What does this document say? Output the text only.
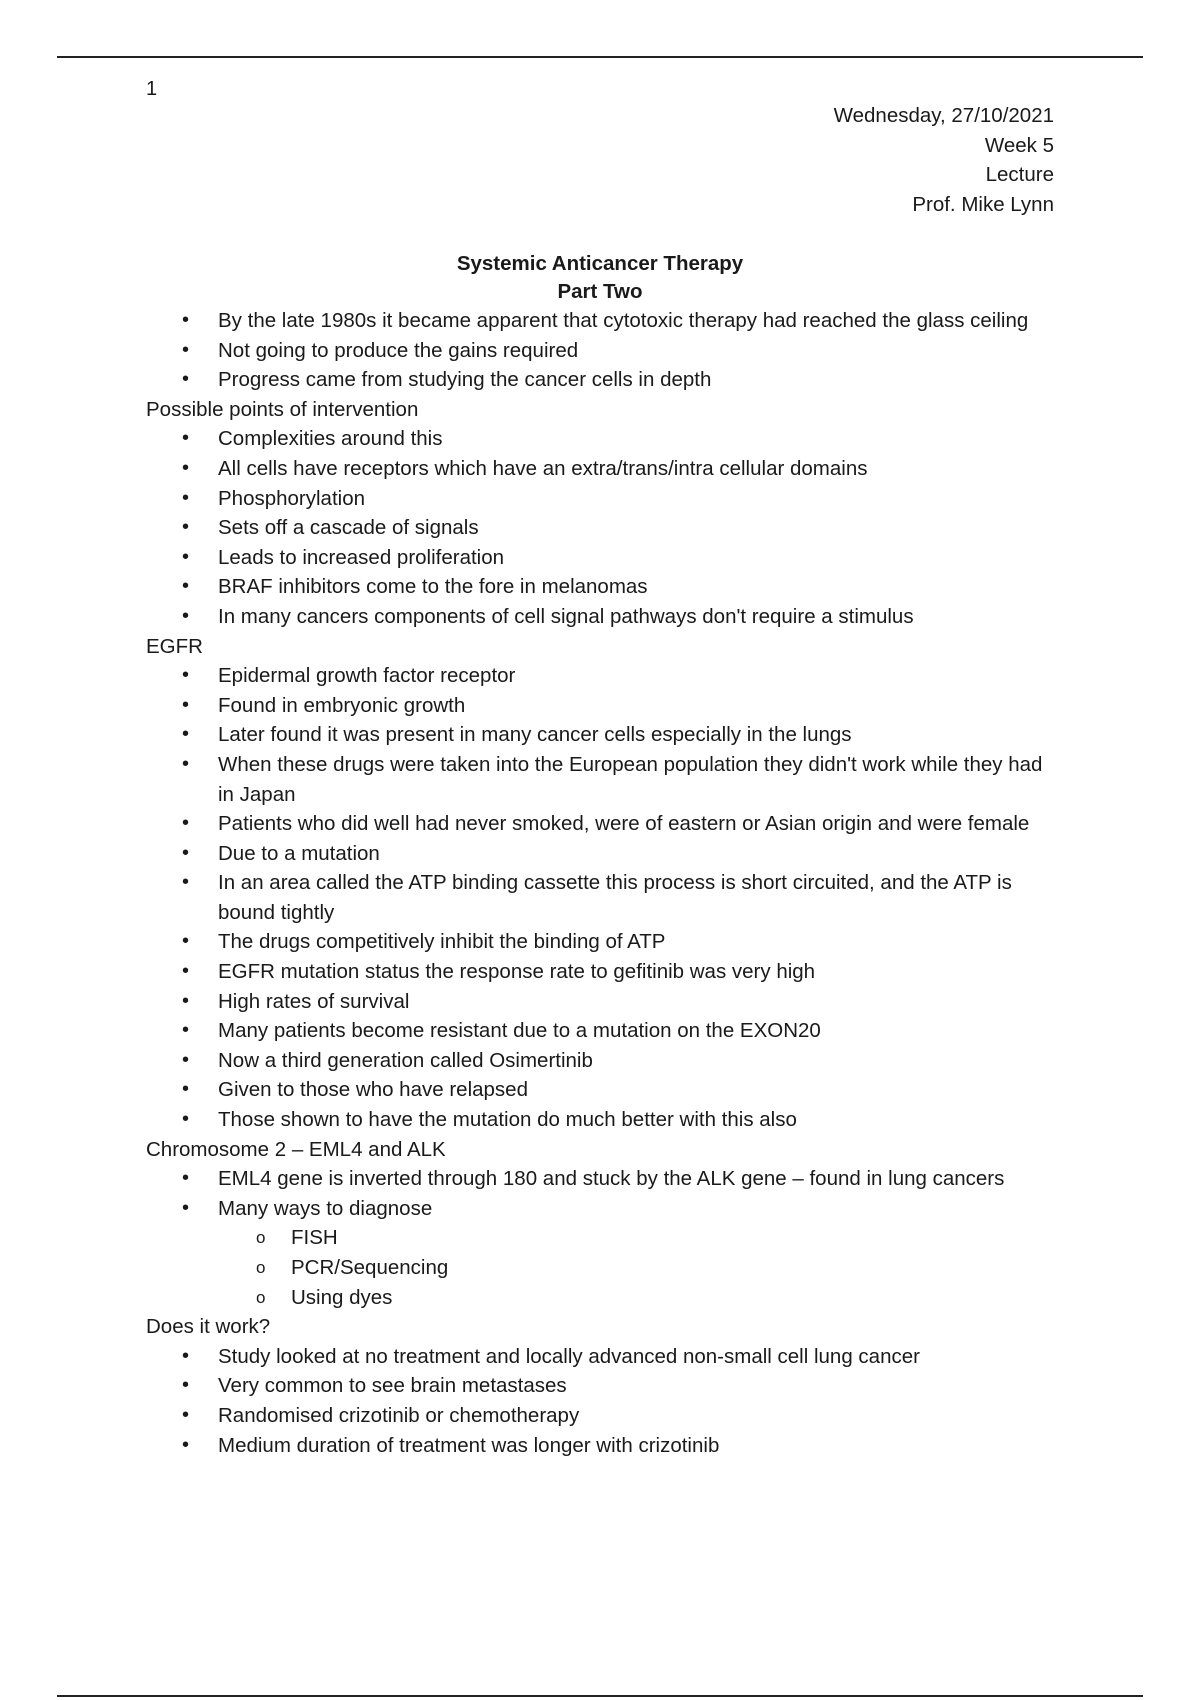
1
Wednesday, 27/10/2021
Week 5
Lecture
Prof. Mike Lynn
Systemic Anticancer Therapy
Part Two
• By the late 1980s it became apparent that cytotoxic therapy had reached the glass ceiling
• Not going to produce the gains required
• Progress came from studying the cancer cells in depth
Possible points of intervention
• Complexities around this
• All cells have receptors which have an extra/trans/intra cellular domains
• Phosphorylation
• Sets off a cascade of signals
• Leads to increased proliferation
• BRAF inhibitors come to the fore in melanomas
• In many cancers components of cell signal pathways don't require a stimulus
EGFR
• Epidermal growth factor receptor
• Found in embryonic growth
• Later found it was present in many cancer cells especially in the lungs
• When these drugs were taken into the European population they didn't work while they had in Japan
• Patients who did well had never smoked, were of eastern or Asian origin and were female
• Due to a mutation
• In an area called the ATP binding cassette this process is short circuited, and the ATP is bound tightly
• The drugs competitively inhibit the binding of ATP
• EGFR mutation status the response rate to gefitinib was very high
• High rates of survival
• Many patients become resistant due to a mutation on the EXON20
• Now a third generation called Osimertinib
• Given to those who have relapsed
• Those shown to have the mutation do much better with this also
Chromosome 2 – EML4 and ALK
• EML4 gene is inverted through 180 and stuck by the ALK gene – found in lung cancers
• Many ways to diagnose
o FISH
o PCR/Sequencing
o Using dyes
Does it work?
• Study looked at no treatment and locally advanced non-small cell lung cancer
• Very common to see brain metastases
• Randomised crizotinib or chemotherapy
• Medium duration of treatment was longer with crizotinib
